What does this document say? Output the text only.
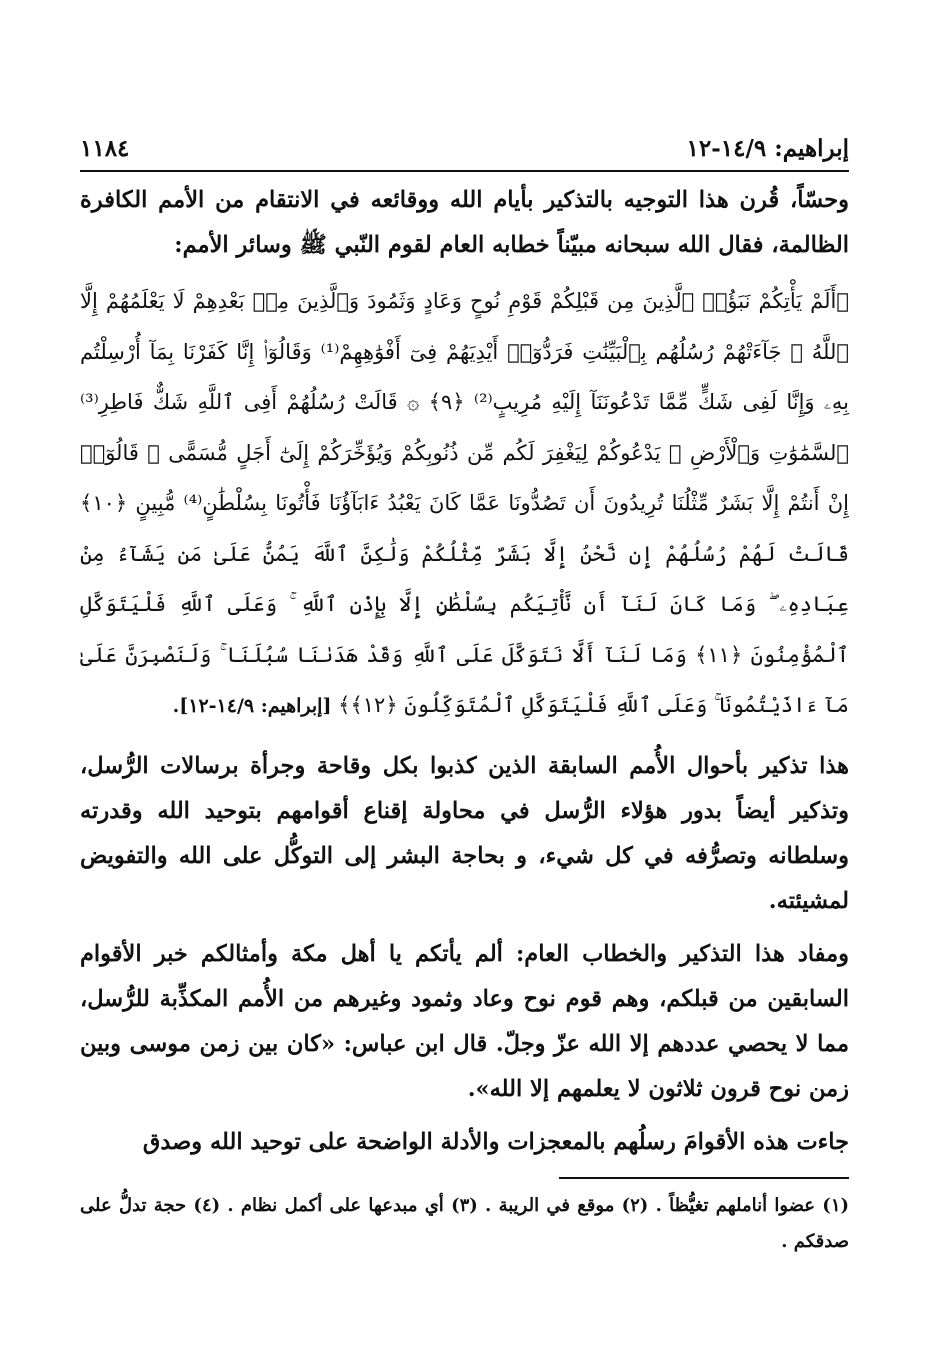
إبراهيم: ١٤/٩-١٢
١١٨٤

وحسّاً، قُرن هذا التوجيه بالتذكير بأيام الله ووقائعه في الانتقام من الأمم الكافرة الظالمة، فقال الله سبحانه مبيّناً خطابه العام لقوم النّبي ﷺ وسائر الأمم:

﴿أَلَمْ يَأْتِكُمْ نَبَؤُا۟ ٱلَّذِينَ مِن قَبْلِكُمْ قَوْمِ نُوحٍ وَعَادٍ وَثَمُودَ وَٱلَّذِينَ مِنۢ بَعْدِهِمْ لَا يَعْلَمُهُمْ إِلَّا ٱللَّهُ ۚ جَآءَتْهُمْ رُسُلُهُم بِٱلْبَيِّنَٰتِ فَرَدُّوٓا۟ أَيْدِيَهُمْ فِىٓ أَفْوَٰهِهِمْ⁽¹⁾ وَقَالُوٓا۟ إِنَّا كَفَرْنَا بِمَآ أُرْسِلْتُم بِهِۦ وَإِنَّا لَفِى شَكٍّ مِّمَّا تَدْعُونَنَآ إِلَيْهِ مُرِيبٍ⁽²⁾ ﴿٩﴾ ۞ قَالَتْ رُسُلُهُمْ أَفِى ٱللَّهِ شَكٌّ فَاطِرِ⁽³⁾ ٱلسَّمَٰوَٰتِ وَٱلْأَرْضِ ۖ يَدْعُوكُمْ لِيَغْفِرَ لَكُم مِّن ذُنُوبِكُمْ وَيُؤَخِّرَكُمْ إِلَىٰٓ أَجَلٍ مُّسَمًّى ۚ قَالُوٓا۟ إِنْ أَنتُمْ إِلَّا بَشَرٌ مِّثْلُنَا تُرِيدُونَ أَن تَصُدُّونَا عَمَّا كَانَ يَعْبُدُ ءَابَآؤُنَا فَأْتُونَا بِسُلْطَٰنٍ⁽⁴⁾ مُّبِينٍ ﴿١٠﴾ قَالَتْ لَهُمْ رُسُلُهُمْ إِن نَّحْنُ إِلَّا بَشَرٌ مِّثْلُكُمْ وَلَٰكِنَّ ٱللَّهَ يَمُنُّ عَلَىٰ مَن يَشَآءُ مِنْ عِبَادِهِۦ ۖ وَمَا كَانَ لَنَآ أَن نَّأْتِيَكُم بِسُلْطَٰنٍ إِلَّا بِإِذْنِ ٱللَّهِ ۚ وَعَلَى ٱللَّهِ فَلْيَتَوَكَّلِ ٱلْمُؤْمِنُونَ ﴿١١﴾ وَمَا لَنَآ أَلَّا نَتَوَكَّلَ عَلَى ٱللَّهِ وَقَدْ هَدَىٰنَا سُبُلَنَا ۚ وَلَنَصْبِرَنَّ عَلَىٰ مَآ ءَاذَيْتُمُونَا ۚ وَعَلَى ٱللَّهِ فَلْيَتَوَكَّلِ ٱلْمُتَوَكِّلُونَ ﴿١٢﴾﴾ [إبراهيم: ١٤/٩-١٢].

هذا تذكير بأحوال الأُمم السابقة الذين كذبوا بكل وقاحة وجرأة برسالات الرُّسل، وتذكير أيضاً بدور هؤلاء الرُّسل في محاولة إقناع أقوامهم بتوحيد الله وقدرته وسلطانه وتصرُّفه في كل شيء، و بحاجة البشر إلى التوكُّل على الله والتفويض لمشيئته.

ومفاد هذا التذكير والخطاب العام: ألم يأتكم يا أهل مكة وأمثالكم خبر الأقوام السابقين من قبلكم، وهم قوم نوح وعاد وثمود وغيرهم من الأُمم المكذِّبة للرُّسل، مما لا يحصي عددهم إلا الله عزّ وجلّ. قال ابن عباس: «كان بين زمن موسى وبين زمن نوح قرون ثلاثون لا يعلمهم إلا الله».

جاءت هذه الأقوامَ رسلُهم بالمعجزات والأدلة الواضحة على توحيد الله وصدق

(١) عضوا أناملهم تغيُّظاً . (٢) موقع في الريبة . (٣) أي مبدعها على أكمل نظام . (٤) حجة تدلُّ على صدقكم .
